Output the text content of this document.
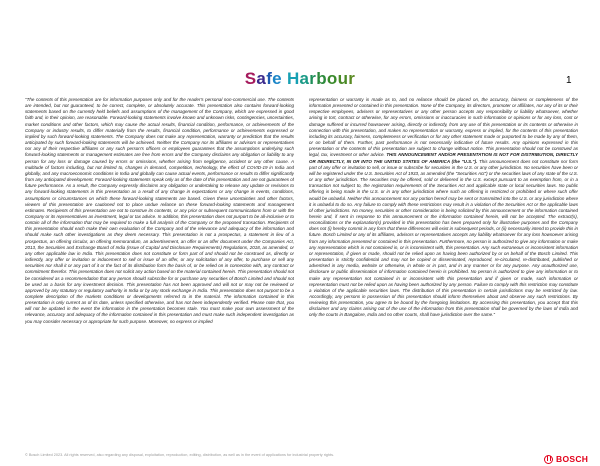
Safe Harbour	1
"The contents of this presentation are for information purposes only and for the reader's personal non-commercial use. The contents are intended, but not guaranteed, to be correct, complete, or absolutely accurate. This presentation also contains forward-looking statements based on the currently held beliefs and assumptions of the management of the Company, which are expressed in good faith and, in their opinion, are reasonable. Forward-looking statements involve known and unknown risks, contingencies, uncertainties, market conditions and other factors, which may cause the actual results, financial condition, performance, or achievements of the Company or industry results, to differ materially from the results, financial condition, performance or achievements expressed or implied by such forward-looking statements. The Company does not make any representation, warranty or prediction that the results anticipated by such forward-looking statements will be achieved. Neither the Company nor its affiliates or advisors or representatives nor any of their respective affiliates or any such person's officers or employees guarantees that the assumptions underlying such forward-looking statements or management estimates are free from errors and the Company disclaims any obligation or liability to any person for any loss or damage caused by errors or omissions, whether arising from negligence, accident or any other cause. A multitude of factors including, but not limited to, changes in demand, competition, technology, the effect of COVID-19 in India and globally, and any macroeconomic conditions in India and globally can cause actual events, performance or results to differ significantly from any anticipated development. Forward-looking statements speak only as of the date of this presentation and are not guarantees of future performance. As a result, the Company expressly disclaims any obligation or undertaking to release any update or revisions to any forward-looking statements in this presentation as a result of any change in expectations or any change in events, conditions, assumptions or circumstances on which these forward-looking statements are based. Given these uncertainties and other factors, viewers of this presentation are cautioned not to place undue reliance on these forward-looking statements and management estimates. Recipients of this presentation are not to construe its contents, or any prior or subsequent communications from or with the Company or its representatives as investment, legal or tax advice. In addition, this presentation does not purport to be all-inclusive or to contain all of the information that may be required to make a full analysis of the Company or the proposed transaction. Recipients of this presentation should each make their own evaluation of the Company and of the relevance and adequacy of the information and should make such other investigations as they deem necessary. This presentation is not a prospectus, a statement in lieu of a prospectus, an offering circular, an offering memorandum, an advertisement, an offer or an offer document under the Companies Act, 2013, the Securities and Exchange Board of India (Issue of Capital and Disclosure Requirements) Regulations, 2018, as amended, or any other applicable law in India. This presentation does not constitute or form part of and should not be construed as, directly or indirectly, any offer or invitation or inducement to sell or issue of an offer, or any solicitation of any offer, to purchase or sell any securities nor shall it or any part of it or the fact of its distribution form the basis of, or be relied on in connection with, any contract or commitment therefor. This presentation does not solicit any action based on the material contained herein. This presentation should not be considered as a recommendation that any person should subscribe for or purchase any securities of Bosch Limited and should not be used as a basis for any investment decision. This presentation has not been approved and will not or may not be reviewed or approved by any statutory or regulatory authority in India or by any stock exchange in India. This presentation does not purport to be a complete description of the markets conditions or developments referred to in the material. The information contained in this presentation is only current as of its date, unless specified otherwise, and has not been independently verified. Please note that, you will not be updated in the event the information in the presentation becomes stale. You must make your own assessment of the relevance, accuracy and adequacy of the information contained in this presentation and must make such independent investigation as you may consider necessary or appropriate for such purpose. Moreover, no express or implied
representation or warranty is made as to, and no reliance should be placed on, the accuracy, fairness or completeness of the information presented or contained in this presentation. None of the Company, its directors, promoter or affiliates, nor any of its or their respective employees, advisers or representatives or any other person accepts any responsibility or liability whatsoever, whether arising in tort, contract or otherwise, for any errors, omissions or inaccuracies in such information or opinions or for any loss, cost or damage suffered or incurred howsoever arising, directly or indirectly, from any use of this presentation or its contents or otherwise in connection with this presentation, and makes no representation or warranty, express or implied, for the contents of this presentation including its accuracy, fairness, completeness or verification or for any other statement made or purported to be made by any of them, or on behalf of them. Further, past performance is not necessarily indicative of future results. Any opinions expressed in this presentation or the contents of this presentation are subject to change without notice. This presentation should not be construed as legal, tax, investment or other advice. THIS ANNOUNCEMENT AND/OR PRESENTATION IS NOT FOR DISTRIBUTION, DIRECTLY OR INDIRECTLY, IN OR INTO THE UNITED STATES OF AMERICA (the "U.S."). This announcement does not constitute nor form part of any offer or invitation to sell, or issue or subscribe for securities in the U.S. or any other jurisdiction. No securities have been or will be registered under the U.S. Securities Act of 1933, as amended (the "Securities Act") or the securities laws of any state of the U.S. or any other jurisdiction. The securities may be offered, sold or delivered in the U.S. except pursuant to an exemption from, or in a transaction not subject to, the registration requirements of the Securities Act and applicable state or local securities laws. No public offering is being made in the U.S. or in any other jurisdiction where such an offering is restricted or prohibited or where such offer would be unlawful. Neither this announcement nor any portion hereof may be sent or transmitted into the U.S. or any jurisdiction where it is unlawful to do so. Any failure to comply with these restrictions may result in a violation of the Securities Act or the applicable laws of other jurisdictions. No money, securities or other consideration is being solicited by this announcement or the information contained herein and, if sent in response to this announcement or the information contained herein, will not be accepted. The extract(s), reconciliations or the explanation(s) provided in this presentation has been prepared only for illustrative purposes and the Company does not (i) hereby commit in any form that these differences will exist in subsequent periods, or (ii) necessarily intend to provide this in future. Bosch Limited or any of its affiliates, advisors or representatives accepts any liability whatsoever for any loss howsoever arising from any information presented or contained in this presentation. Furthermore, no person is authorized to give any information or make any representation which is not contained in, or is inconsistent with, this presentation. Any such extraneous or inconsistent information or representation, if given or made, should not be relied upon as having been authorized by or on behalf of the Bosch Limited. This presentation is strictly confidential and may not be copied or disseminated, reproduced, re-circulated, re-distributed, published or advertised in any media, website or otherwise, in whole or in part, and in any manner or for any purpose. Any unauthorized use, disclosure or public dissemination of information contained herein is prohibited. No person is authorized to give any information or to make any representation not contained in or inconsistent with this presentation and if given or made, such information or representation must not be relied upon as having been authorized by any person. Failure to comply with this restriction may constitute a violation of the applicable securities laws. The distribution of this presentation in certain jurisdictions may be restricted by law. Accordingly, any persons in possession of this presentation should inform themselves about and observe any such restrictions. By reviewing this presentation, you agree to be bound by the foregoing limitations. By accessing this presentation, you accept that this disclaimer and any claims arising out of the use of the information from this presentation shall be governed by the laws of India and only the courts in Bangalore, India and no other courts, shall have jurisdiction over the same."
© Bosch Limited 2023. All rights reserved, also regarding any disposal, exploitation, reproduction, editing, distribution, as well as in the event of applications for industrial property rights.	BOSCH
